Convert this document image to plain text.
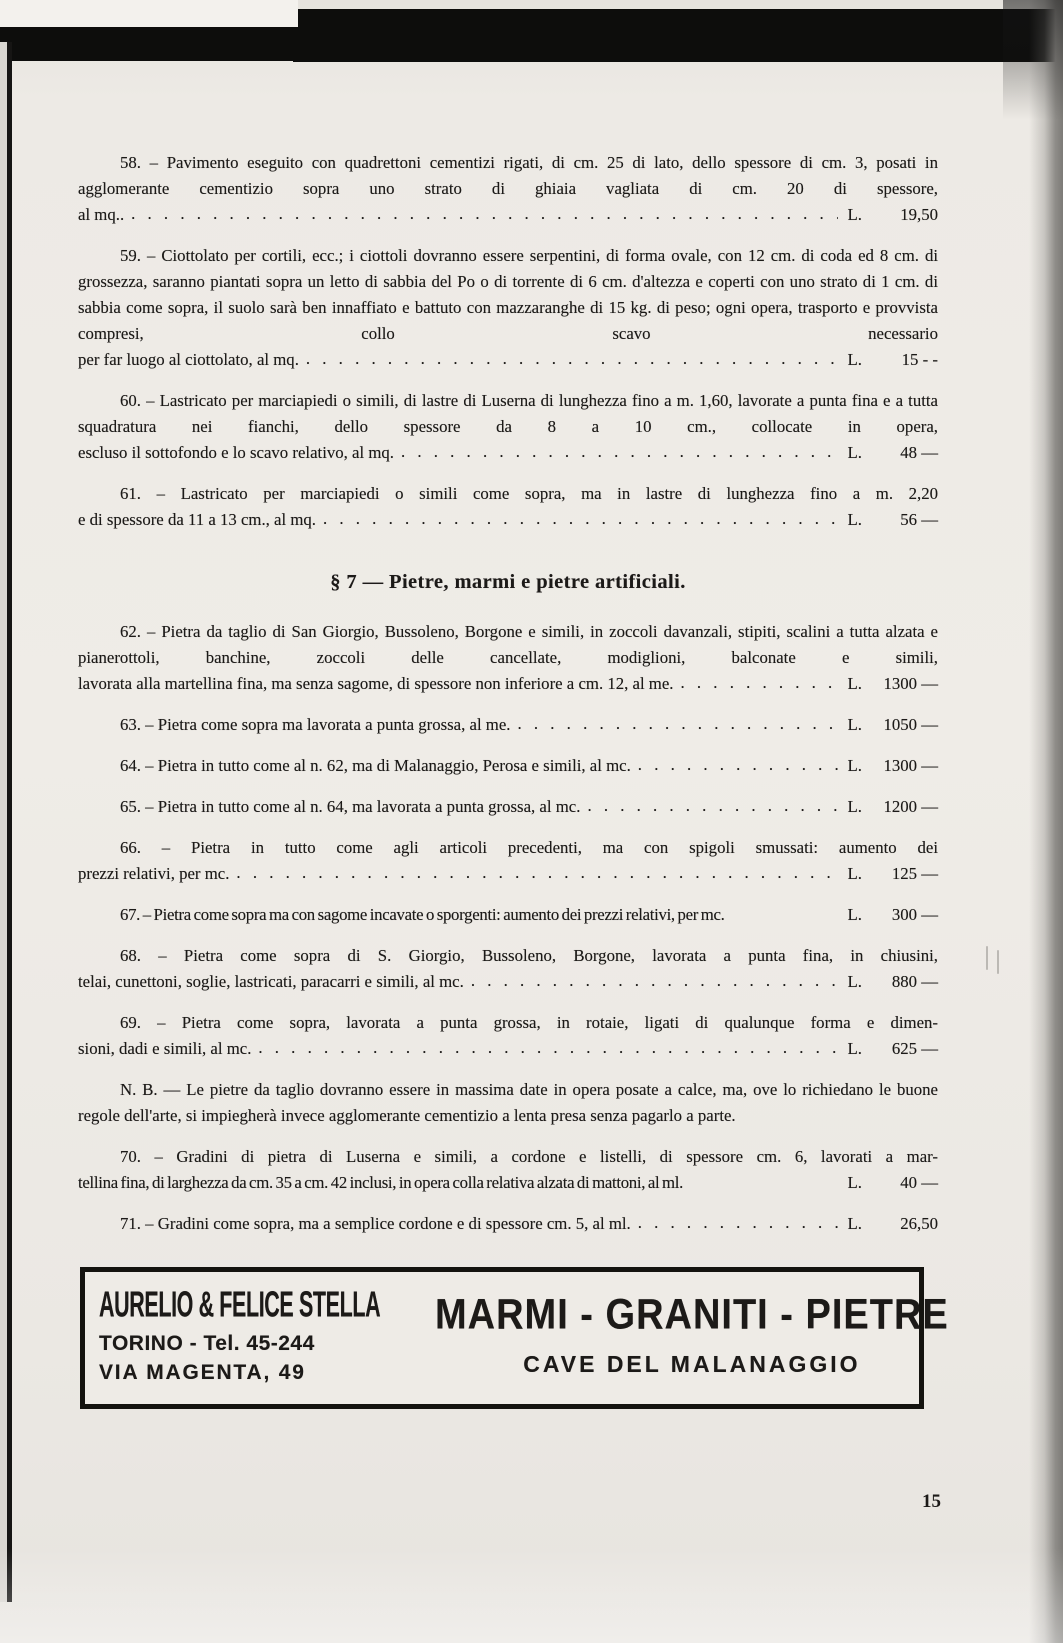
58. – Pavimento eseguito con quadrettoni cementizi rigati, di cm. 25 di lato, dello spessore di cm. 3, posati in agglomerante cementizio sopra uno strato di ghiaia vagliata di cm. 20 di spessore,

al mq.. . . .	L.	19,50

59. – Ciottolato per cortili, ecc.; i ciottoli dovranno essere serpentini, di forma ovale, con 12 cm. di coda ed 8 cm. di grossezza, saranno piantati sopra un letto di sabbia del Po o di torrente di 6 cm. d'altezza e coperti con uno strato di 1 cm. di sabbia come sopra, il suolo sarà ben innaffiato e battuto con mazzaranghe di 15 kg. di peso; ogni opera, trasporto e provvista compresi, collo scavo necessario

per far luogo al ciottolato, al mq. . . .	L.	15 - -

60. – Lastricato per marciapiedi o simili, di lastre di Luserna di lunghezza fino a m. 1,60, lavorate a punta fina e a tutta squadratura nei fianchi, dello spessore da 8 a 10 cm., collocate in opera,

escluso il sottofondo e lo scavo relativo, al mq. . . .	L.	48 —

61. – Lastricato per marciapiedi o simili come sopra, ma in lastre di lunghezza fino a m. 2,20

e di spessore da 11 a 13 cm., al mq. . . .	L.	56 —
§ 7 — Pietre, marmi e pietre artificiali.

62. – Pietra da taglio di San Giorgio, Bussoleno, Borgone e simili, in zoccoli davanzali, stipiti, scalini a tutta alzata e pianerottoli, banchine, zoccoli delle cancellate, modiglioni, balconate e simili,

lavorata alla martellina fina, ma senza sagome, di spessore non inferiore a cm. 12, al me. . . .	L.	1300 —
63. – Pietra come sopra ma lavorata a punta grossa, al me. . . .	L.	1050 —
64. – Pietra in tutto come al n. 62, ma di Malanaggio, Perosa e simili, al mc. . . .	L.	1300 —
65. – Pietra in tutto come al n. 64, ma lavorata a punta grossa, al mc. . . .	L.	1200 —

66. – Pietra in tutto come agli articoli precedenti, ma con spigoli smussati: aumento dei

prezzi relativi, per mc. . . .	L.	125 —
67. – Pietra come sopra ma con sagome incavate o sporgenti: aumento dei prezzi relativi, per mc.	L.	300 —

68. – Pietra come sopra di S. Giorgio, Bussoleno, Borgone, lavorata a punta fina, in chiusini,

telai, cunettoni, soglie, lastricati, paracarri e simili, al mc. . . .	L.	880 —

69. – Pietra come sopra, lavorata a punta grossa, in rotaie, ligati di qualunque forma e dimen-

sioni, dadi e simili, al mc. . . .	L.	625 —

N. B. — Le pietre da taglio dovranno essere in massima date in opera posate a calce, ma, ove lo richiedano le buone regole dell'arte, si impiegherà invece agglomerante cementizio a lenta presa senza pagarlo a parte.

70. – Gradini di pietra di Luserna e simili, a cordone e listelli, di spessore cm. 6, lavorati a mar-

tellina fina, di larghezza da cm. 35 a cm. 42 inclusi, in opera colla relativa alzata di mattoni, al ml.	L.	40 —
71. – Gradini come sopra, ma a semplice cordone e di spessore cm. 5, al ml. . . .	L.	26,50
AURELIO & FELICE STELLA
TORINO - Tel. 45-244
VIA MAGENTA, 49
MARMI - GRANITI - PIETRE
CAVE DEL MALANAGGIO
15
